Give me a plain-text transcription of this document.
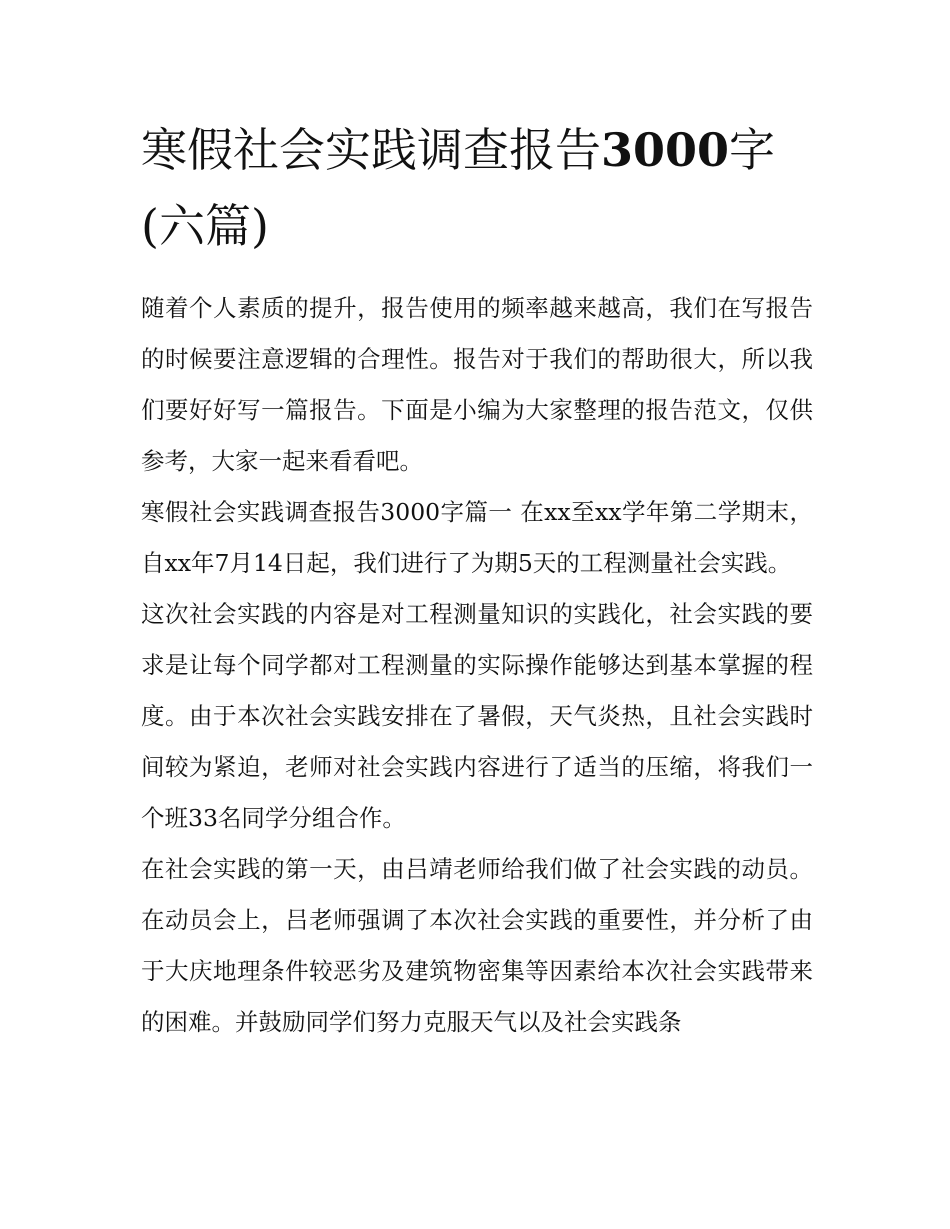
寒假社会实践调查报告3000字(六篇)

随着个人素质的提升，报告使用的频率越来越高，我们在写报告的时候要注意逻辑的合理性。报告对于我们的帮助很大，所以我们要好好写一篇报告。下面是小编为大家整理的报告范文，仅供参考，大家一起来看看吧。

寒假社会实践调查报告3000字篇一 在xx至xx学年第二学期末，自xx年7月14日起，我们进行了为期5天的工程测量社会实践。

这次社会实践的内容是对工程测量知识的实践化，社会实践的要求是让每个同学都对工程测量的实际操作能够达到基本掌握的程度。由于本次社会实践安排在了暑假，天气炎热，且社会实践时间较为紧迫，老师对社会实践内容进行了适当的压缩，将我们一个班33名同学分组合作。

在社会实践的第一天，由吕靖老师给我们做了社会实践的动员。在动员会上，吕老师强调了本次社会实践的重要性，并分析了由于大庆地理条件较恶劣及建筑物密集等因素给本次社会实践带来的困难。并鼓励同学们努力克服天气以及社会实践条
